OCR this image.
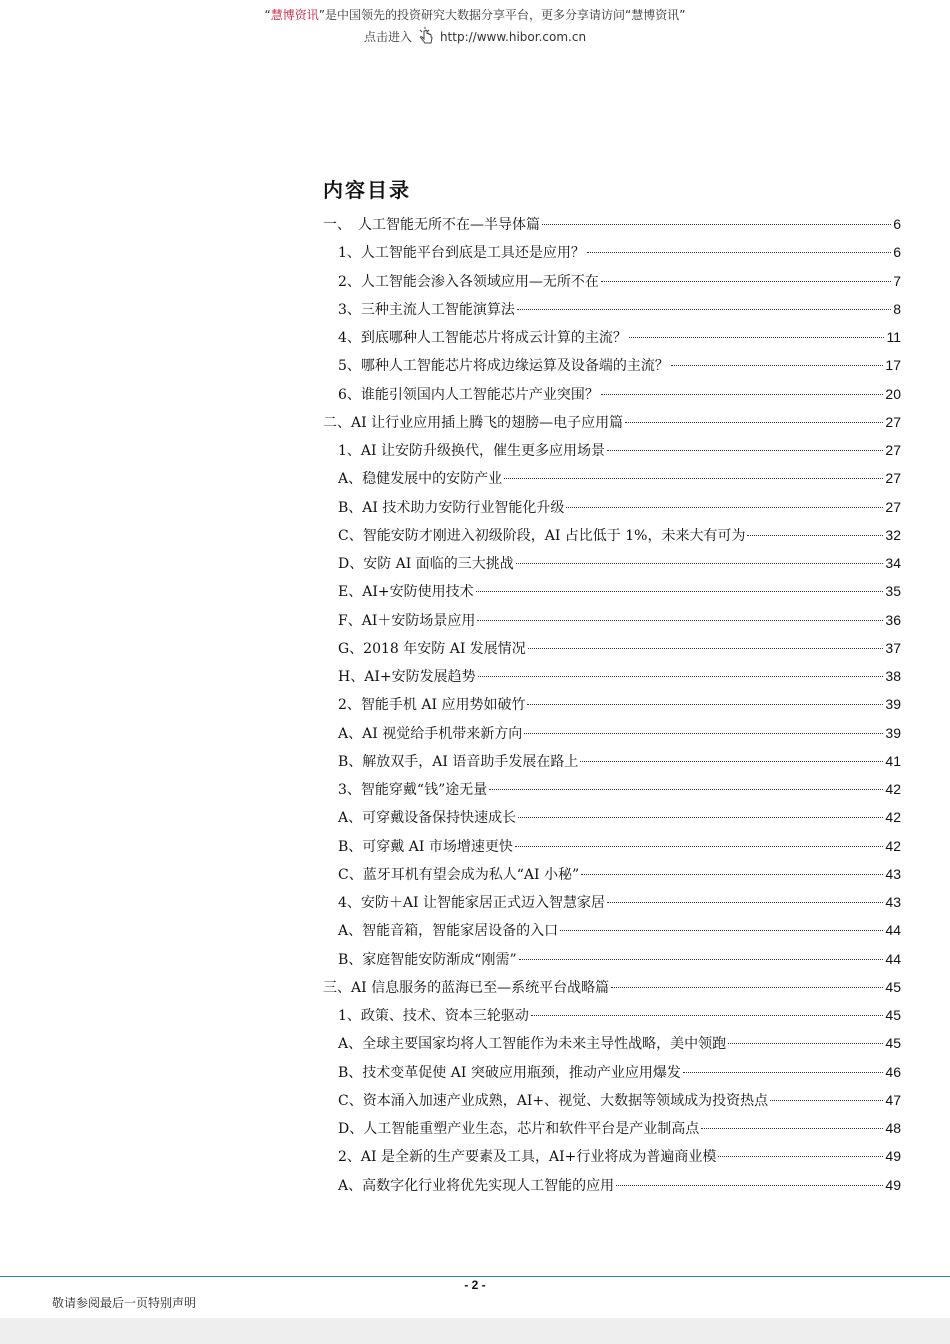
“慧博资讯”是中国领先的投资研究大数据分享平台，更多分享请访问“慧博资讯”
点击进入 http://www.hibor.com.cn
内容目录
一、　人工智能无所不在—半导体篇	6
1、人工智能平台到底是工具还是应用？	6
2、人工智能会渗入各领域应用—无所不在	7
3、三种主流人工智能演算法	8
4、到底哪种人工智能芯片将成云计算的主流？	11
5、哪种人工智能芯片将成边缘运算及设备端的主流？	17
6、谁能引领国内人工智能芯片产业突围？	20
二、AI 让行业应用插上腾飞的翅膀—电子应用篇	27
1、AI 让安防升级换代，催生更多应用场景	27
A、稳健发展中的安防产业	27
B、AI 技术助力安防行业智能化升级	27
C、智能安防才刚进入初级阶段，AI 占比低于 1%，未来大有可为	32
D、安防 AI 面临的三大挑战	34
E、AI+安防使用技术	35
F、AI＋安防场景应用	36
G、2018 年安防 AI 发展情况	37
H、AI+安防发展趋势	38
2、智能手机 AI 应用势如破竹	39
A、AI 视觉给手机带来新方向	39
B、解放双手，AI 语音助手发展在路上	41
3、智能穿戴“钱”途无量	42
A、可穿戴设备保持快速成长	42
B、可穿戴 AI 市场增速更快	42
C、蓝牙耳机有望会成为私人“AI 小秘”	43
4、安防＋AI 让智能家居正式迈入智慧家居	43
A、智能音箱，智能家居设备的入口	44
B、家庭智能安防渐成“刚需”	44
三、AI 信息服务的蓝海已至—系统平台战略篇	45
1、政策、技术、资本三轮驱动	45
A、全球主要国家均将人工智能作为未来主导性战略，美中领跑	45
B、技术变革促使 AI 突破应用瓶颈，推动产业应用爆发	46
C、资本涌入加速产业成熟，AI+、视觉、大数据等领域成为投资热点	47
D、人工智能重塑产业生态，芯片和软件平台是产业制高点	48
2、AI 是全新的生产要素及工具，AI+行业将成为普遍商业模	49
A、高数字化行业将优先实现人工智能的应用	49
- 2 -
敬请参阅最后一页特别声明
